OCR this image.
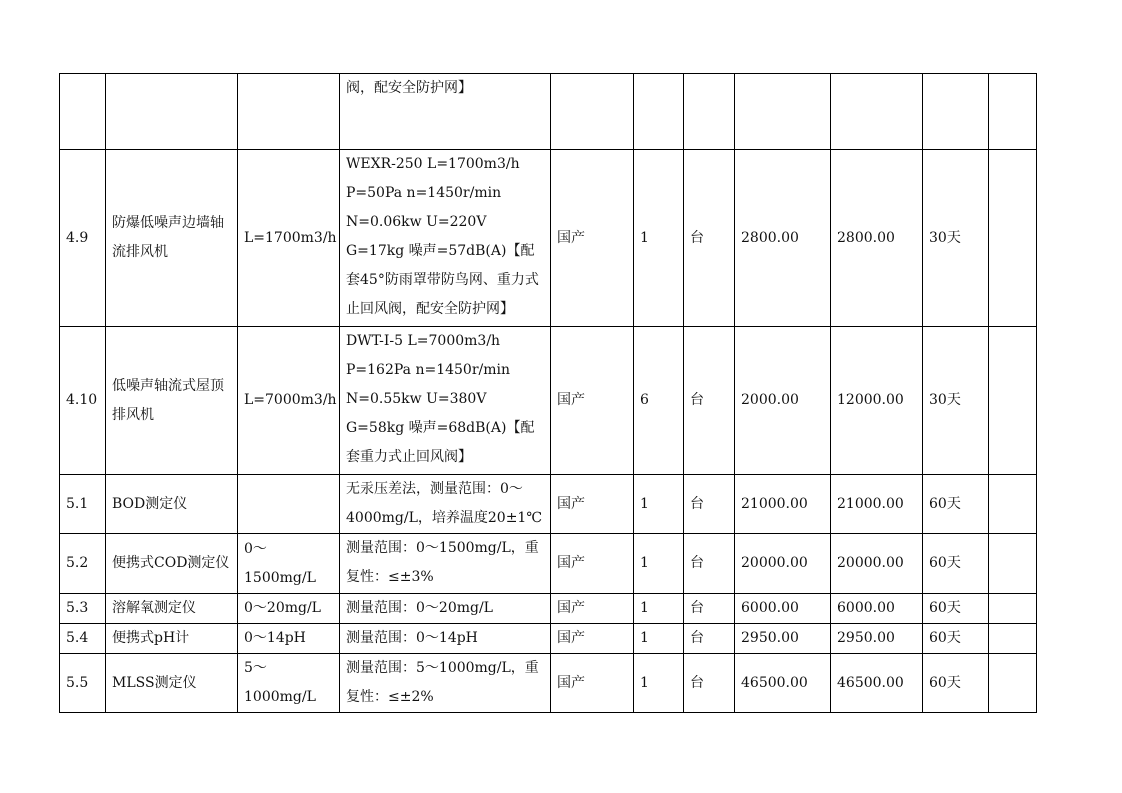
			阀，配安全防护网】							
4.9	防爆低噪声边墙轴流排风机	L=1700m3/h	WEXR-250 L=1700m3/h P=50Pa n=1450r/min N=0.06kw U=220V G=17kg 噪声=57dB(A)【配套45°防雨罩带防鸟网、重力式止回风阀，配安全防护网】	国产	1	台	2800.00	2800.00	30天	
4.10	低噪声轴流式屋顶排风机	L=7000m3/h	DWT-Ⅰ-5 L=7000m3/h P=162Pa n=1450r/min N=0.55kw U=380V G=58kg 噪声=68dB(A)【配套重力式止回风阀】	国产	6	台	2000.00	12000.00	30天	
5.1	BOD测定仪		无汞压差法，测量范围：0～4000mg/L，培养温度20±1℃	国产	1	台	21000.00	21000.00	60天	
5.2	便携式COD测定仪	0～1500mg/L	测量范围：0～1500mg/L，重复性：≤±3%	国产	1	台	20000.00	20000.00	60天	
5.3	溶解氧测定仪	0～20mg/L	测量范围：0～20mg/L	国产	1	台	6000.00	6000.00	60天	
5.4	便携式pH计	0～14pH	测量范围：0～14pH	国产	1	台	2950.00	2950.00	60天	
5.5	MLSS测定仪	5～1000mg/L	测量范围：5～1000mg/L，重复性：≤±2%	国产	1	台	46500.00	46500.00	60天	
